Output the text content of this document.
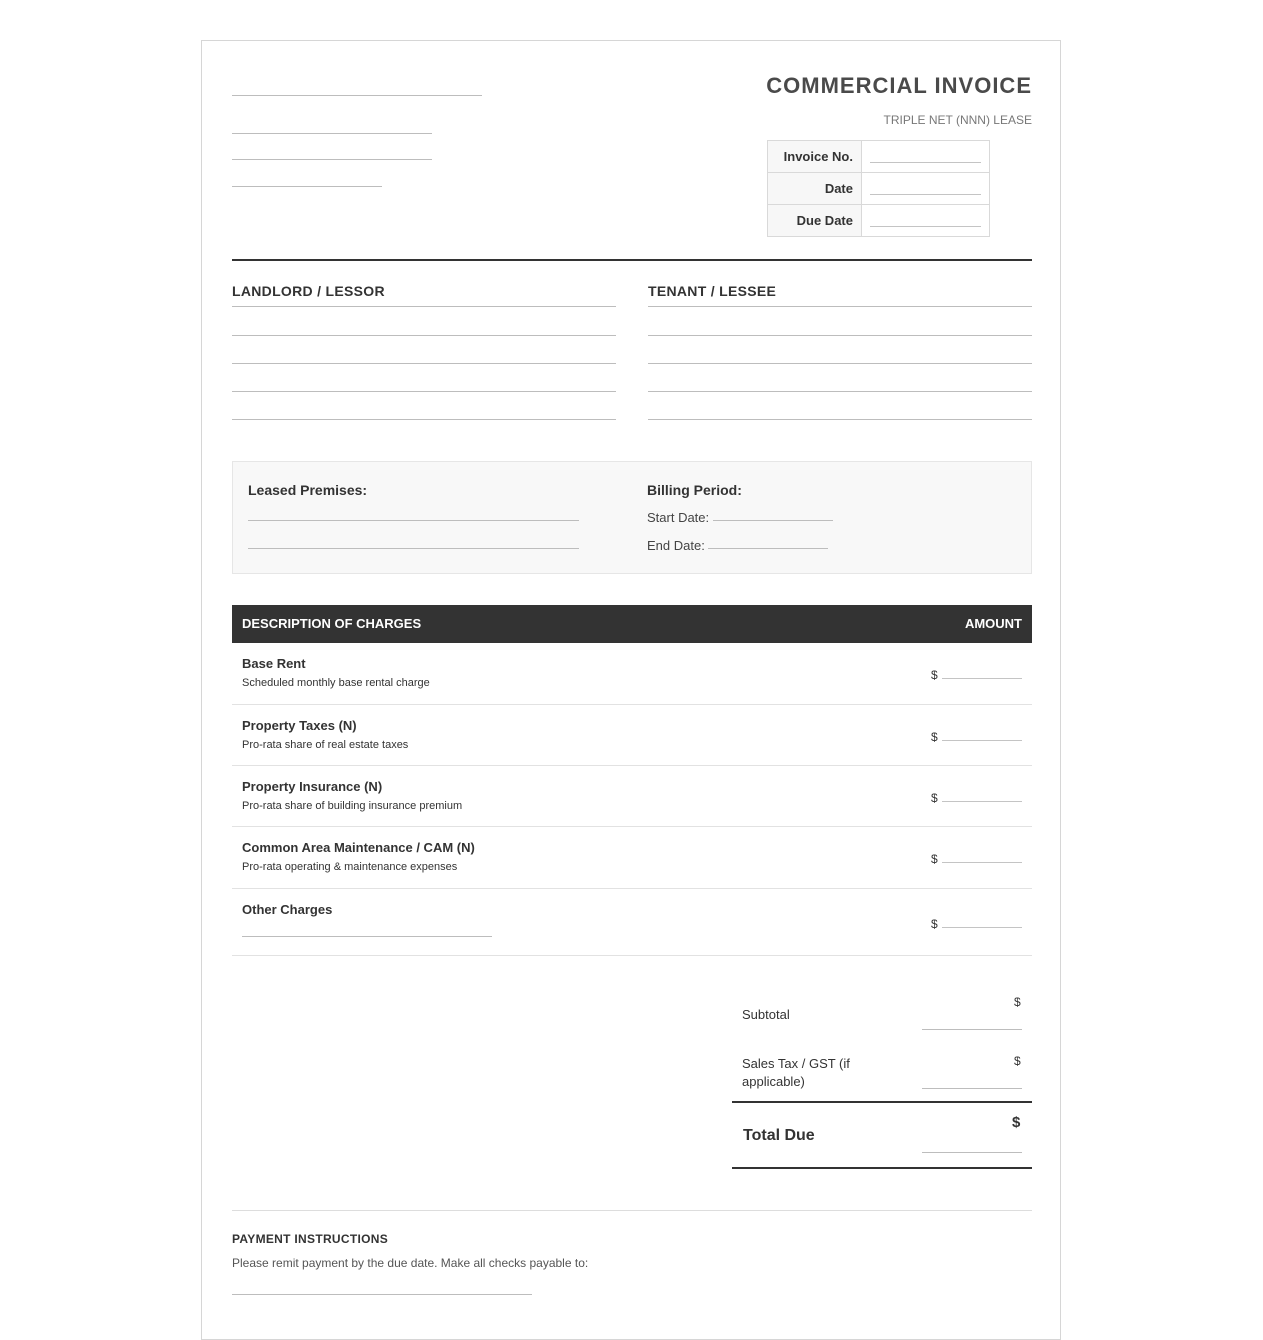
COMMERCIAL INVOICE
TRIPLE NET (NNN) LEASE
Invoice No.	

Date	

Due Date	
LANDLORD / LESSOR	TENANT / LESSEE
Leased Premises:	Billing Period:
Start Date:
End Date:
DESCRIPTION OF CHARGES	AMOUNT
Base Rent
Scheduled monthly base rental charge
$
Property Taxes (N)
Pro-rata share of real estate taxes
$
Property Insurance (N)
Pro-rata share of building insurance premium
$
Common Area Maintenance / CAM (N)
Pro-rata operating & maintenance expenses
$
Other Charges
$
Subtotal
$
Sales Tax / GST (if applicable)
$
Total Due
$
PAYMENT INSTRUCTIONS
Please remit payment by the due date. Make all checks payable to:
